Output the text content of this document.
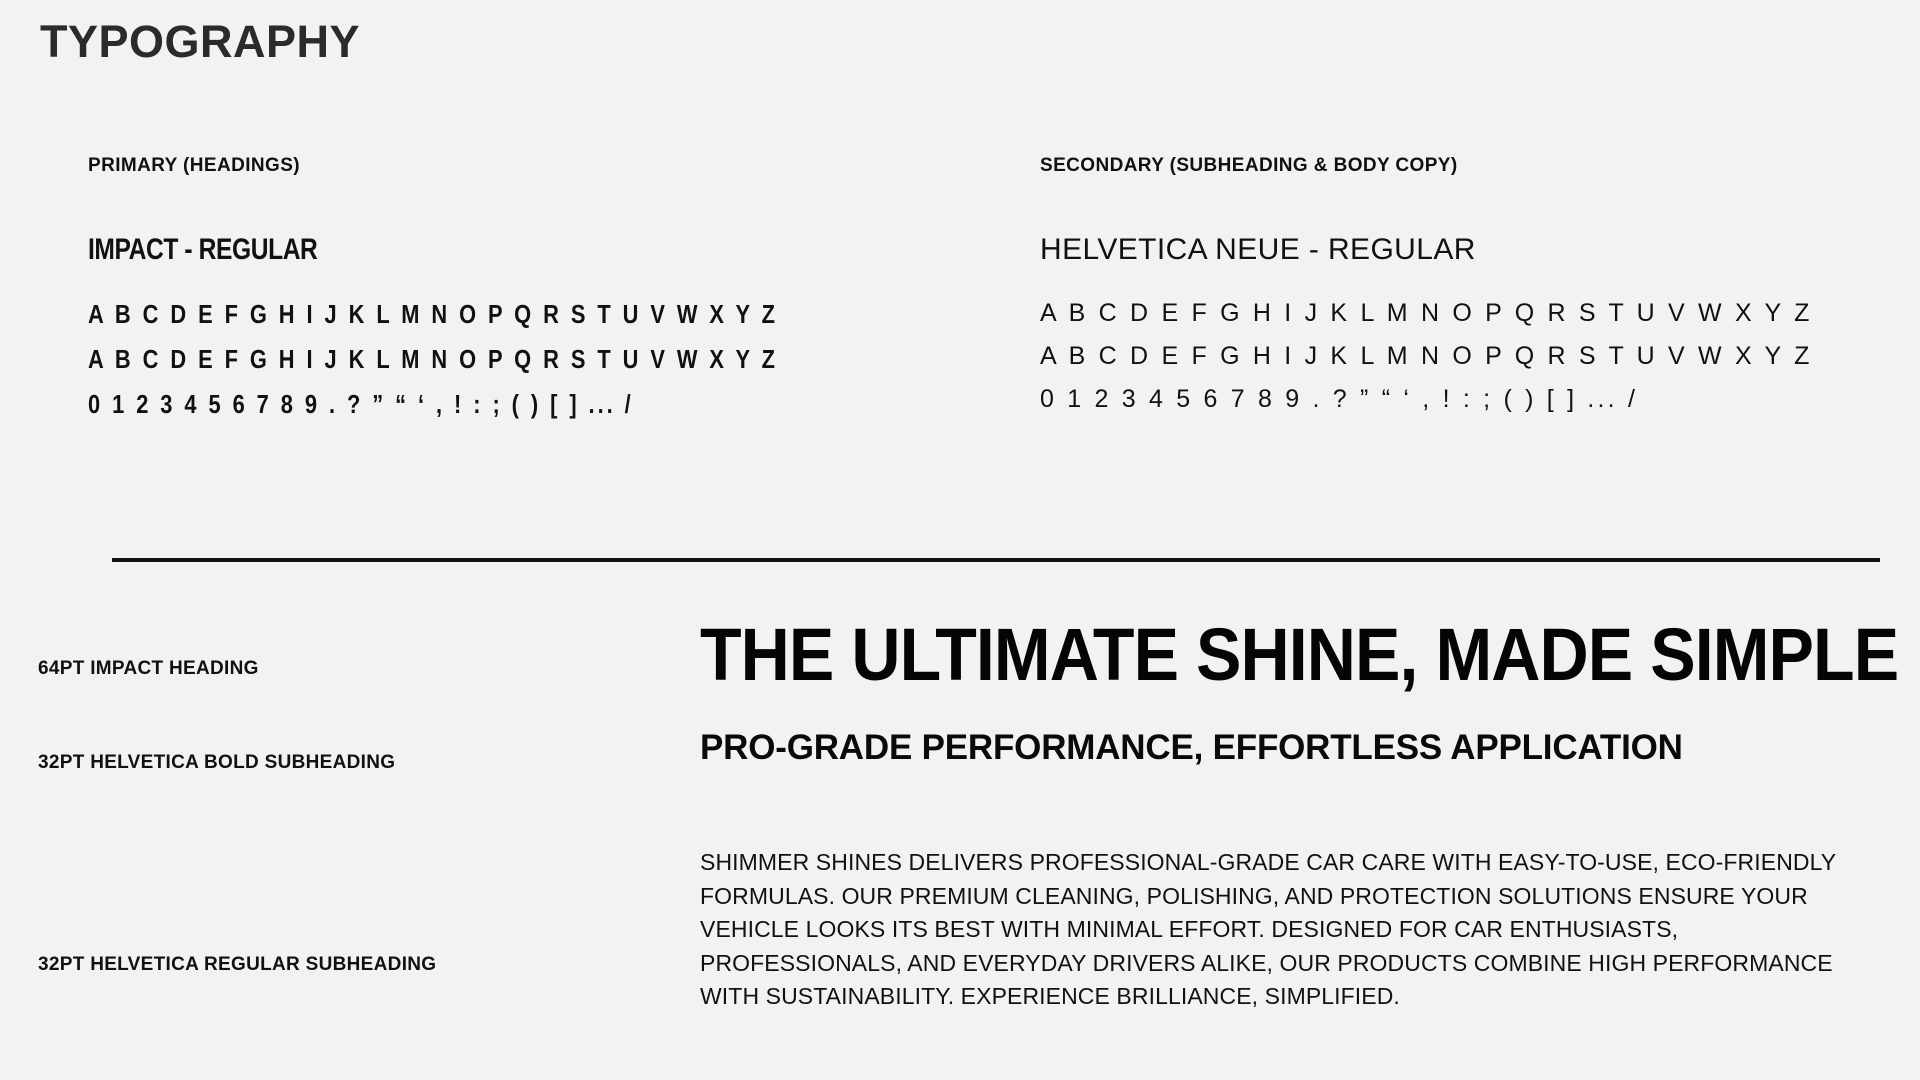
TYPOGRAPHY
PRIMARY (HEADINGS)
IMPACT - REGULAR
A B C D E F G H I J K L M N O P Q R S T U V W X Y Z
A B C D E F G H I J K L M N O P Q R S T U V W X Y Z
0 1 2 3 4 5 6 7 8 9 . ? ” “ ‘ , ! : ; ( ) [ ] ... /
SECONDARY (SUBHEADING & BODY COPY)
HELVETICA NEUE - REGULAR
A B C D E F G H I J K L M N O P Q R S T U V W X Y Z
A B C D E F G H I J K L M N O P Q R S T U V W X Y Z
0 1 2 3 4 5 6 7 8 9 . ? ” “ ‘ , ! : ; ( ) [ ] ... /
64PT IMPACT HEADING	THE ULTIMATE SHINE, MADE SIMPLE
32PT HELVETICA BOLD SUBHEADING	PRO-GRADE PERFORMANCE, EFFORTLESS APPLICATION
32PT HELVETICA REGULAR SUBHEADING
SHIMMER SHINES DELIVERS PROFESSIONAL-GRADE CAR CARE WITH EASY-TO-USE, ECO-FRIENDLY FORMULAS. OUR PREMIUM CLEANING, POLISHING, AND PROTECTION SOLUTIONS ENSURE YOUR VEHICLE LOOKS ITS BEST WITH MINIMAL EFFORT. DESIGNED FOR CAR ENTHUSIASTS, PROFESSIONALS, AND EVERYDAY DRIVERS ALIKE, OUR PRODUCTS COMBINE HIGH PERFORMANCE WITH SUSTAINABILITY. EXPERIENCE BRILLIANCE, SIMPLIFIED.
